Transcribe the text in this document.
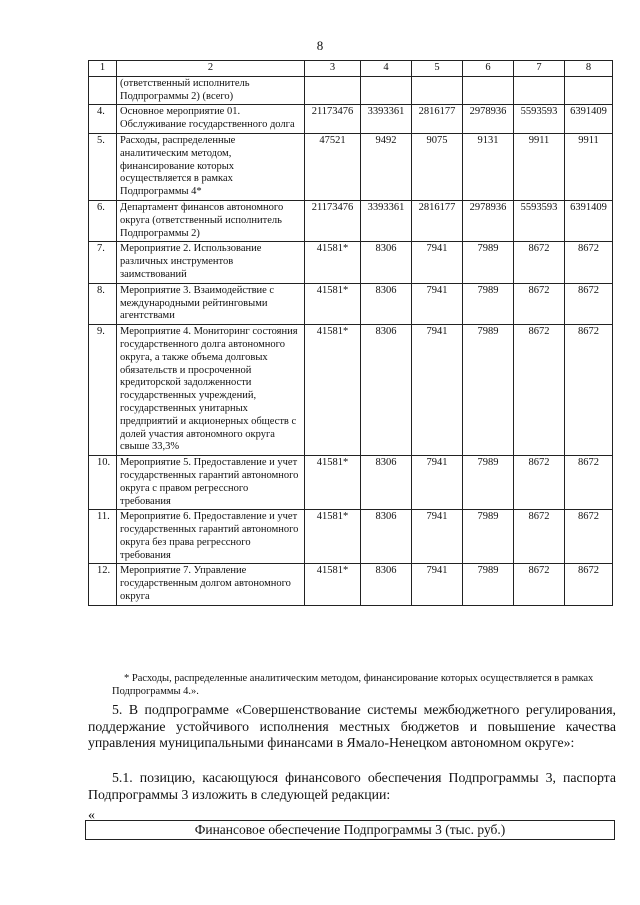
8
1	2	3	4	5	6	7	8
	(ответственный исполнитель Подпрограммы 2) (всего)						
4.	Основное мероприятие 01. Обслуживание государственного долга	21173476	3393361	2816177	2978936	5593593	6391409
5.	Расходы, распределенные аналитическим методом, финансирование которых осуществляется в рамках Подпрограммы 4*	47521	9492	9075	9131	9911	9911
6.	Департамент финансов автономного округа (ответственный исполнитель Подпрограммы 2)	21173476	3393361	2816177	2978936	5593593	6391409
7.	Мероприятие 2. Использование различных инструментов заимствований	41581*	8306	7941	7989	8672	8672
8.	Мероприятие 3. Взаимодействие с международными рейтинговыми агентствами	41581*	8306	7941	7989	8672	8672
9.	Мероприятие 4. Мониторинг состояния государственного долга автономного округа, а также объема долговых обязательств и просроченной кредиторской задолженности государственных учреждений, государственных унитарных предприятий и акционерных обществ с долей участия автономного округа свыше 33,3%	41581*	8306	7941	7989	8672	8672
10.	Мероприятие 5. Предоставление и учет государственных гарантий автономного округа с правом регрессного требования	41581*	8306	7941	7989	8672	8672
11.	Мероприятие 6. Предоставление и учет государственных гарантий автономного округа без права регрессного требования	41581*	8306	7941	7989	8672	8672
12.	Мероприятие 7. Управление государственным долгом автономного округа	41581*	8306	7941	7989	8672	8672
* Расходы, распределенные аналитическим методом, финансирование которых осуществляется в рамках Подпрограммы 4.».
5. В подпрограмме «Совершенствование системы межбюджетного регулирования, поддержание устойчивого исполнения местных бюджетов и повышение качества управления муниципальными финансами в Ямало-Ненецком автономном округе»:
5.1. позицию, касающуюся финансового обеспечения Подпрограммы 3, паспорта Подпрограммы 3 изложить в следующей редакции:
«
Финансовое обеспечение Подпрограммы 3 (тыс. руб.)
